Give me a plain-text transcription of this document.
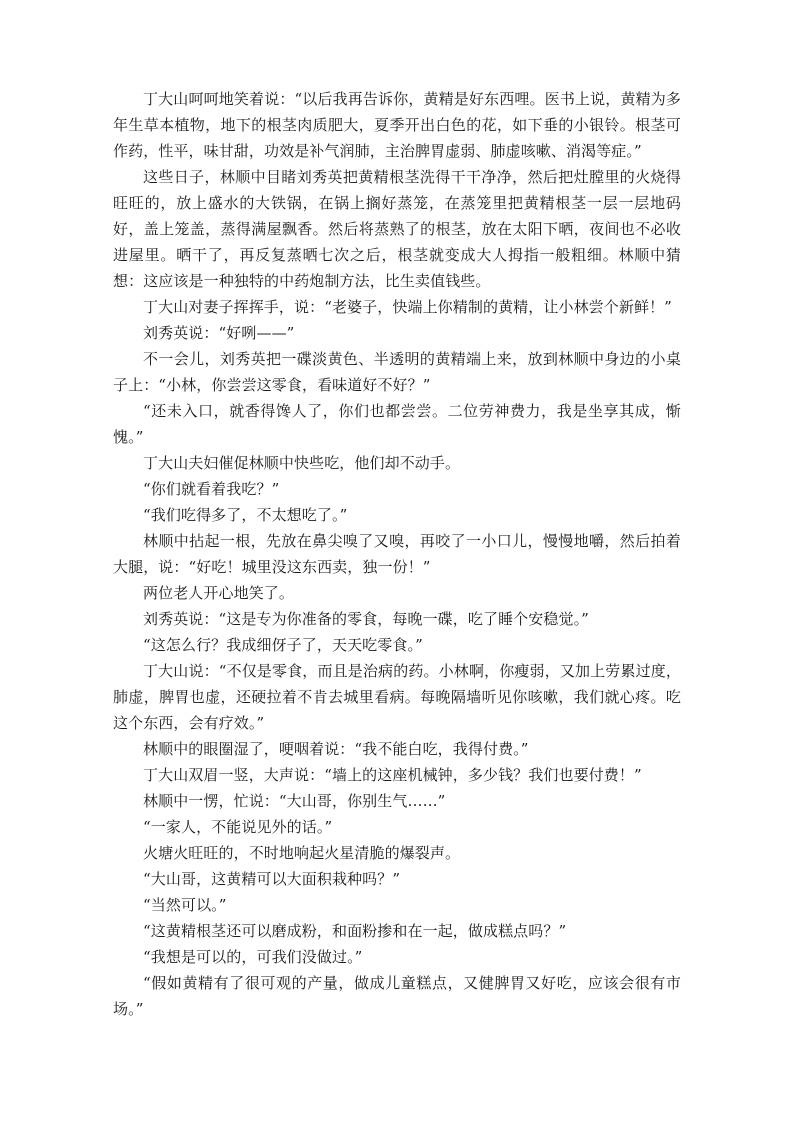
丁大山呵呵地笑着说：“以后我再告诉你，黄精是好东西哩。医书上说，黄精为多年生草本植物，地下的根茎肉质肥大，夏季开出白色的花，如下垂的小银铃。根茎可作药，性平，味甘甜，功效是补气润肺，主治脾胃虚弱、肺虚咳嗽、消渴等症。”

这些日子，林顺中目睹刘秀英把黄精根茎洗得干干净净，然后把灶膛里的火烧得旺旺的，放上盛水的大铁锅，在锅上搁好蒸笼，在蒸笼里把黄精根茎一层一层地码好，盖上笼盖，蒸得满屋飘香。然后将蒸熟了的根茎，放在太阳下晒，夜间也不必收进屋里。晒干了，再反复蒸晒七次之后，根茎就变成大人拇指一般粗细。林顺中猜想：这应该是一种独特的中药炮制方法，比生卖值钱些。

丁大山对妻子挥挥手，说：“老婆子，快端上你精制的黄精，让小林尝个新鲜！”

刘秀英说：“好咧——”

不一会儿，刘秀英把一碟淡黄色、半透明的黄精端上来，放到林顺中身边的小桌子上：“小林，你尝尝这零食，看味道好不好？”

“还未入口，就香得馋人了，你们也都尝尝。二位劳神费力，我是坐享其成，惭愧。”

丁大山夫妇催促林顺中快些吃，他们却不动手。

“你们就看着我吃？”

“我们吃得多了，不太想吃了。”

林顺中拈起一根，先放在鼻尖嗅了又嗅，再咬了一小口儿，慢慢地嚼，然后拍着大腿，说：“好吃！城里没这东西卖，独一份！”

两位老人开心地笑了。

刘秀英说：“这是专为你准备的零食，每晚一碟，吃了睡个安稳觉。”

“这怎么行？我成细伢子了，天天吃零食。”

丁大山说：“不仅是零食，而且是治病的药。小林啊，你瘦弱，又加上劳累过度，肺虚，脾胃也虚，还硬拉着不肯去城里看病。每晚隔墙听见你咳嗽，我们就心疼。吃这个东西，会有疗效。”

林顺中的眼圈湿了，哽咽着说：“我不能白吃，我得付费。”

丁大山双眉一竖，大声说：“墙上的这座机械钟，多少钱？我们也要付费！”

林顺中一愣，忙说：“大山哥，你别生气……”

“一家人，不能说见外的话。”

火塘火旺旺的，不时地响起火星清脆的爆裂声。

“大山哥，这黄精可以大面积栽种吗？”

“当然可以。”

“这黄精根茎还可以磨成粉，和面粉掺和在一起，做成糕点吗？”

“我想是可以的，可我们没做过。”

“假如黄精有了很可观的产量，做成儿童糕点，又健脾胃又好吃，应该会很有市场。”
